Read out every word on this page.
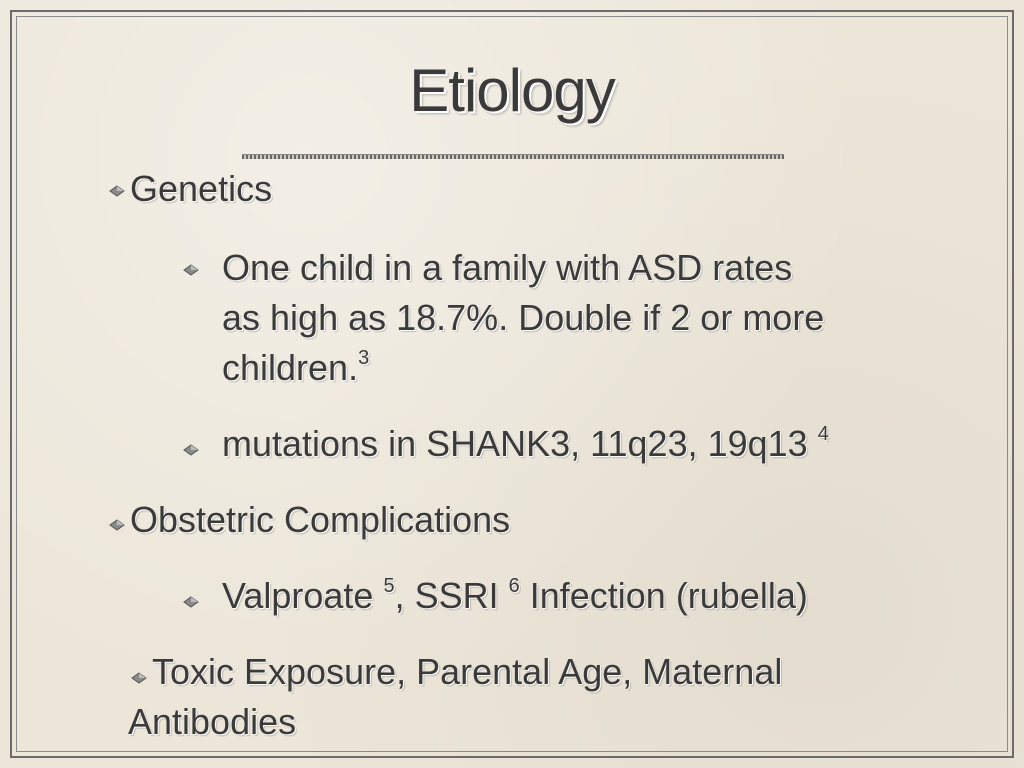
Etiology
Genetics
One child in a family with ASD rates
as high as 18.7%. Double if 2 or more
children.$^3$
mutations in SHANK3, 11q23, 19q13 $^4$
Obstetric Complications
Valproate $^5$, SSRI $^6$ Infection (rubella)
Toxic Exposure, Parental Age, Maternal
Antibodies
